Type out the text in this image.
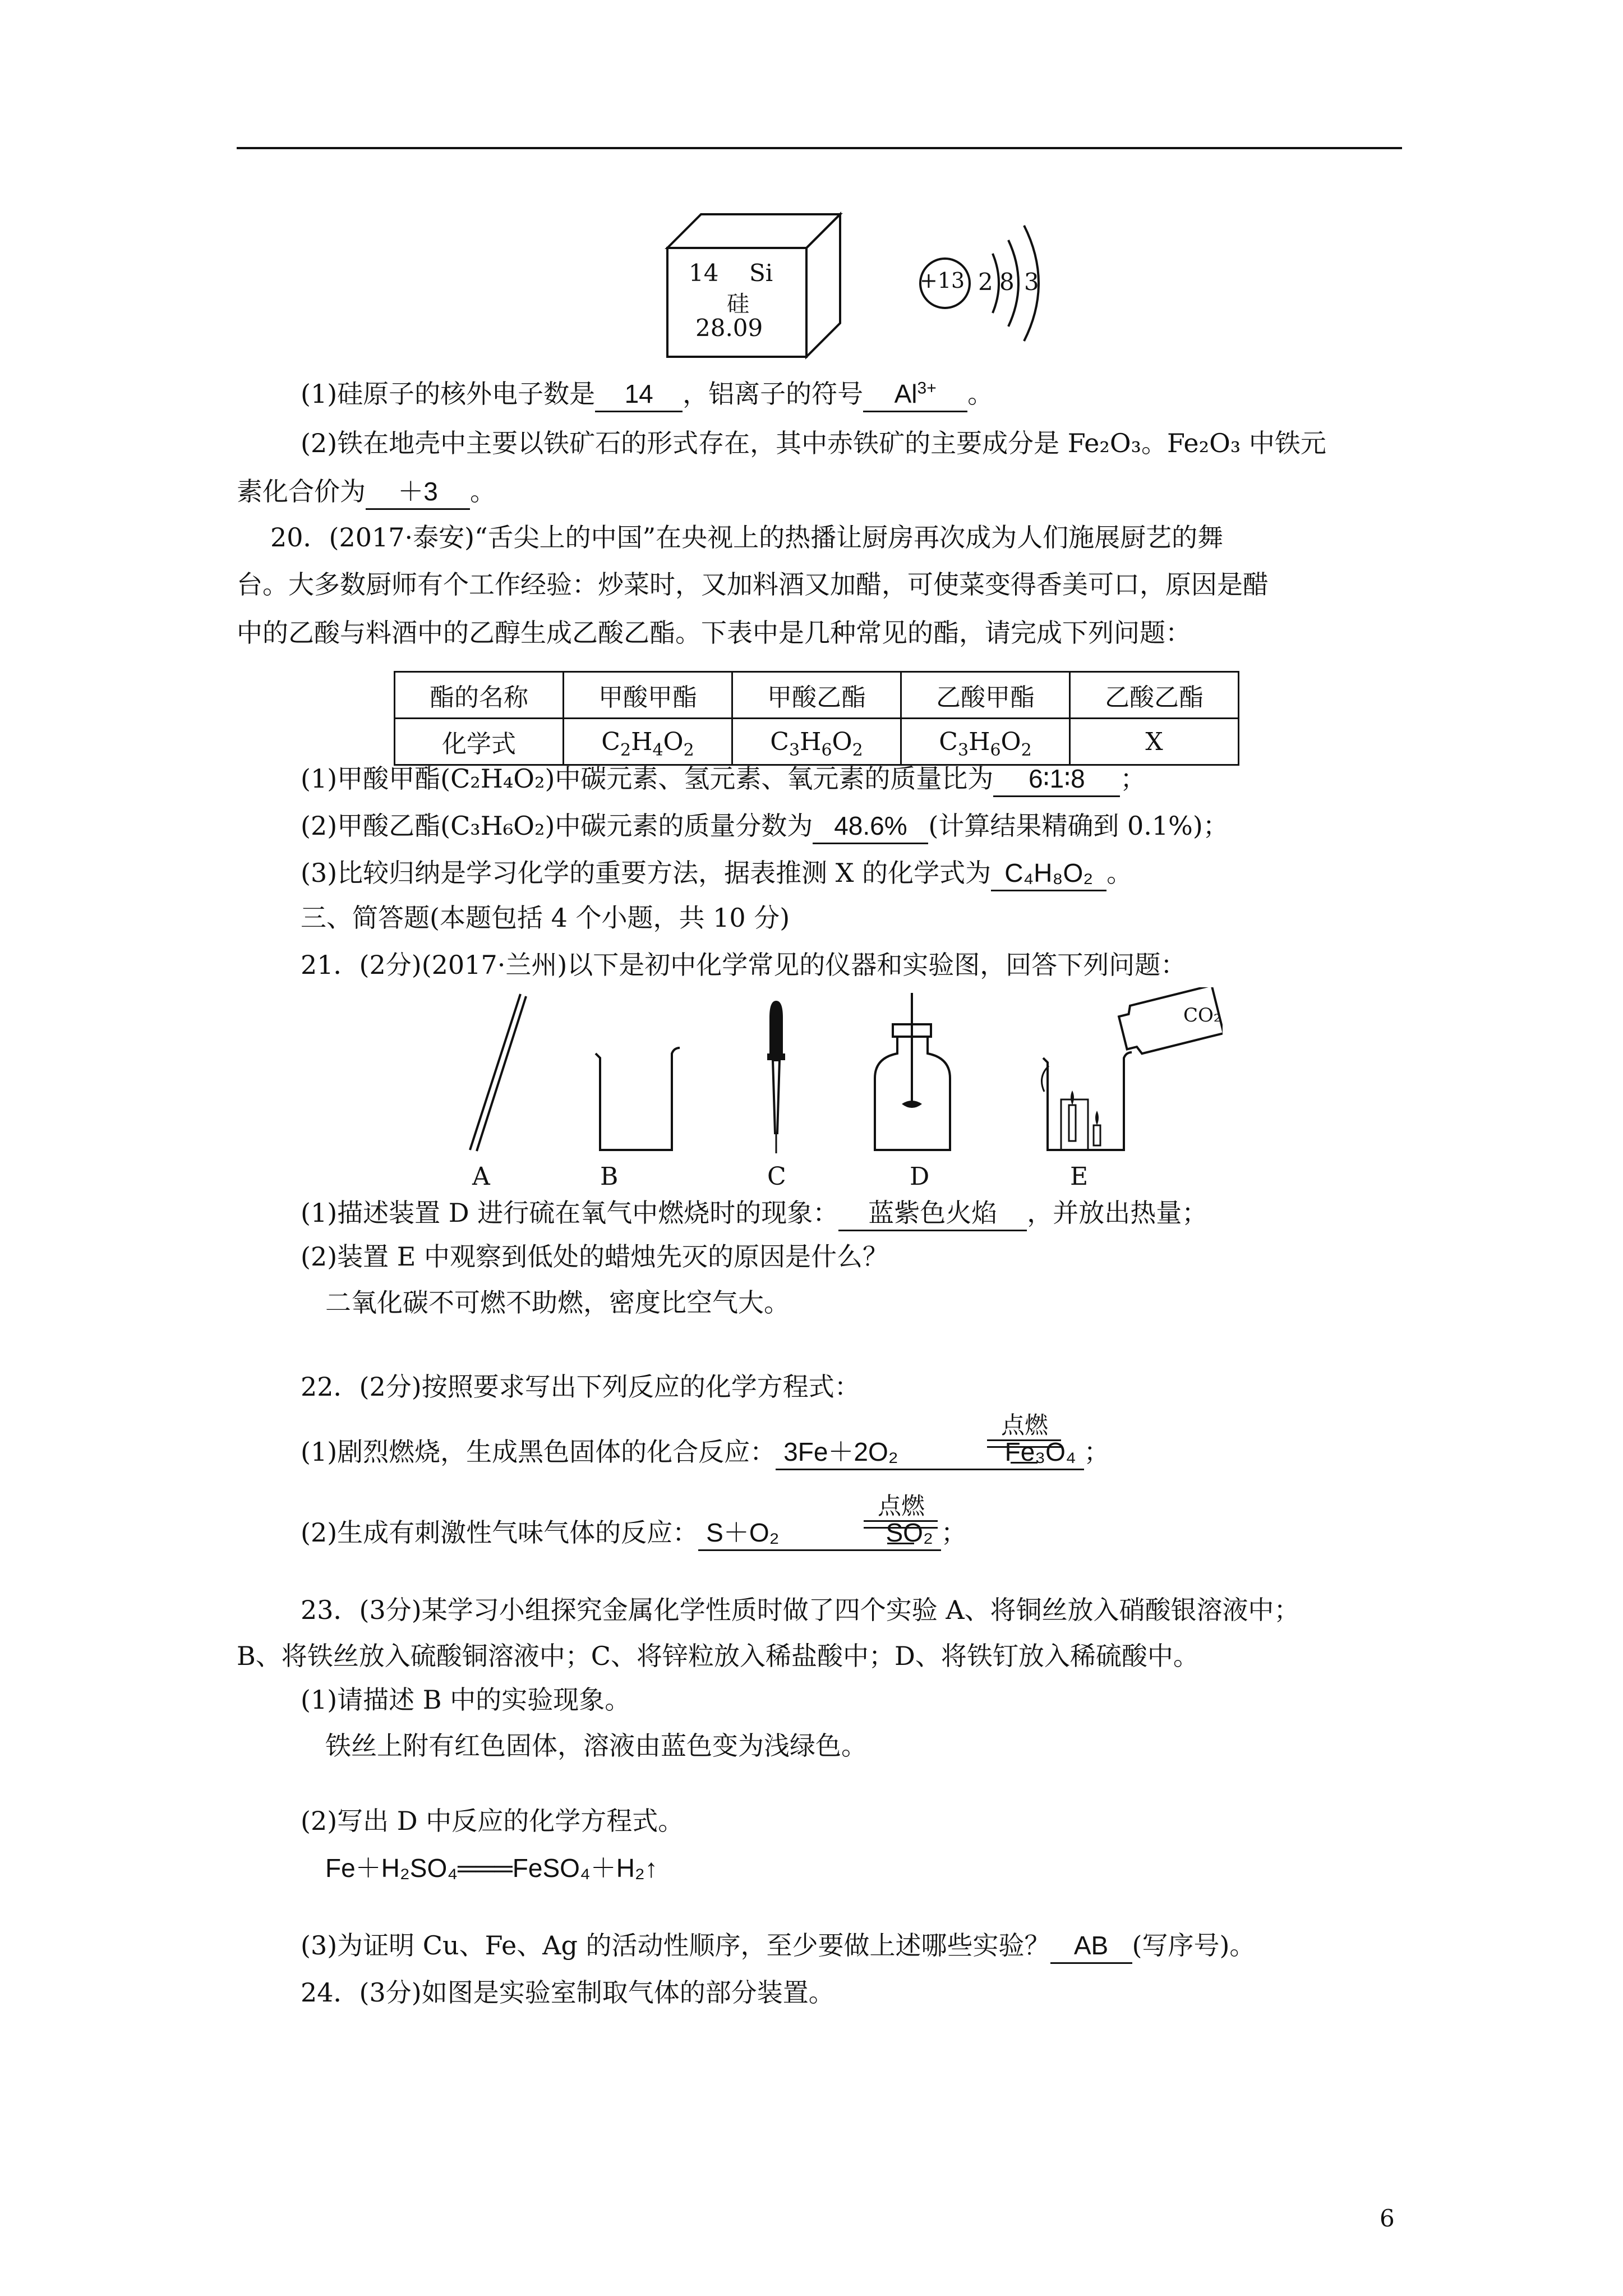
14 Si
硅
28.09
+13 2 8 3
(1)硅原子的核外电子数是 14 ，铝离子的符号 $Al^{3+}$ 。
(2)铁在地壳中主要以铁矿石的形式存在，其中赤铁矿的主要成分是 Fe₂O₃。Fe₂O₃ 中铁元
素化合价为 ＋3 。
20．(2017·泰安)“舌尖上的中国”在央视上的热播让厨房再次成为人们施展厨艺的舞
台。大多数厨师有个工作经验：炒菜时，又加料酒又加醋，可使菜变得香美可口，原因是醋
中的乙酸与料酒中的乙醇生成乙酸乙酯。下表中是几种常见的酯，请完成下列问题：
酯的名称	甲酸甲酯	甲酸乙酯	乙酸甲酯	乙酸乙酯
化学式	$C_2H_4O_2$	$C_3H_6O_2$	$C_3H_6O_2$	X
(1)甲酸甲酯(C₂H₄O₂)中碳元素、氢元素、氧元素的质量比为 6∶1∶8 ；
(2)甲酸乙酯(C₃H₆O₂)中碳元素的质量分数为 48.6% (计算结果精确到 0.1%)；
(3)比较归纳是学习化学的重要方法，据表推测 X 的化学式为 C₄H₈O₂ 。
三、简答题(本题包括 4 个小题，共 10 分)
21．(2分)(2017·兰州)以下是初中化学常见的仪器和实验图，回答下列问题：
CO₂
A	B	C	D	E
(1)描述装置 D 进行硫在氧气中燃烧时的现象： 蓝紫色火焰 ，并放出热量；
(2)装置 E 中观察到低处的蜡烛先灭的原因是什么？
二氧化碳不可燃不助燃，密度比空气大。
22．(2分)按照要求写出下列反应的化学方程式：
(1)剧烈燃烧，生成黑色固体的化合反应： 3Fe＋2O₂	Fe₃O₄ ；
点燃
(2)生成有刺激性气味气体的反应： S＋O₂	SO₂ ；
点燃
23．(3分)某学习小组探究金属化学性质时做了四个实验 A、将铜丝放入硝酸银溶液中；
B、将铁丝放入硫酸铜溶液中；C、将锌粒放入稀盐酸中；D、将铁钉放入稀硫酸中。
(1)请描述 B 中的实验现象。
铁丝上附有红色固体，溶液由蓝色变为浅绿色。
(2)写出 D 中反应的化学方程式。
Fe＋H₂SO₄═══FeSO₄＋H₂↑
(3)为证明 Cu、Fe、Ag 的活动性顺序，至少要做上述哪些实验？ AB (写序号)。
24．(3分)如图是实验室制取气体的部分装置。
6
